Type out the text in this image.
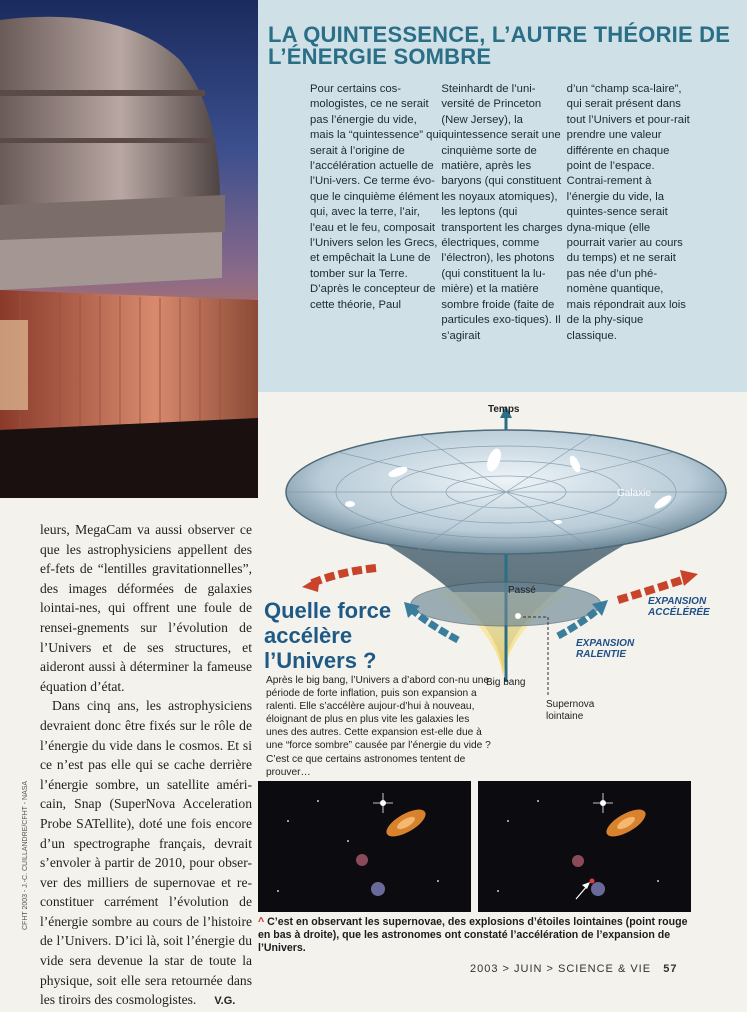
CFHT 2003 - J.-C. CUILLANDRE/CFHT - NASA
LA QUINTESSENCE, L’AUTRE THÉORIE DE L’ÉNERGIE SOMBRE
Pour certains cos-mologistes, ce ne serait pas l’énergie du vide, mais la “quintessence” qui serait à l’origine de l’accélération actuelle de l’Uni-vers. Ce terme évo-que le cinquième élément qui, avec la terre, l’air, l’eau et le feu, composait l’Univers selon les Grecs, et empêchait la Lune de tomber sur la Terre. D’après le concepteur de cette théorie, Paul
Steinhardt de l’uni-versité de Princeton (New Jersey), la quintessence serait une cinquième sorte de matière, après les baryons (qui constituent les noyaux atomiques), les leptons (qui transportent les charges électriques, comme l’électron), les photons (qui constituent la lu-mière) et la matière sombre froide (faite de particules exo-tiques). Il s’agirait
d’un “champ sca-laire”, qui serait présent dans tout l’Univers et pour-rait prendre une valeur différente en chaque point de l’espace. Contrai-rement à l’énergie du vide, la quintes-sence serait dyna-mique (elle pourrait varier au cours du temps) et ne serait pas née d’un phé-nomène quantique, mais répondrait aux lois de la phy-sique classique.

leurs, MegaCam va aussi observer ce que les astrophysiciens appellent des ef-fets de “lentilles gravitationnelles”, des images déformées de galaxies lointai-nes, qui offrent une foule de rensei-gnements sur l’évolution de l’Univers et de ses structures, et aideront aussi à déterminer la fameuse équation d’état.

Dans cinq ans, les astrophysiciens devraient donc être fixés sur le rôle de l’énergie du vide dans le cosmos. Et si ce n’est pas elle qui se cache derrière l’énergie sombre, un satellite améri-cain, Snap (SuperNova Acceleration Probe SATellite), doté une fois encore d’un spectrographe français, devrait s’envoler à partir de 2010, pour obser-ver des milliers de supernovae et re-constituer carrément l’évolution de l’énergie sombre au cours de l’histoire de l’Univers. D’ici là, soit l’énergie du vide sera devenue la star de toute la physique, soit elle sera retournée dans les tiroirs des cosmologistes. V.G.

Temps
Galaxie
Passé
Big bang
EXPANSION ACCÉLÉRÉE
EXPANSION RALENTIE
Supernova lointaine
Quelle force accélère l’Univers ?
Après le big bang, l’Univers a d’abord con-nu une période de forte inflation, puis son expansion a ralenti. Elle s’accélère aujour-d’hui à nouveau, éloignant de plus en plus vite les galaxies les unes des autres. Cette expansion est-elle due à une “force sombre” causée par l’énergie du vide ? C’est ce que certains astronomes tentent de prouver…
^ C’est en observant les supernovae, des explosions d’étoiles lointaines (point rouge en bas à droite), que les astronomes ont constaté l’accélération de l’expansion de l’Univers.
2003 > JUIN > SCIENCE & VIE 57
